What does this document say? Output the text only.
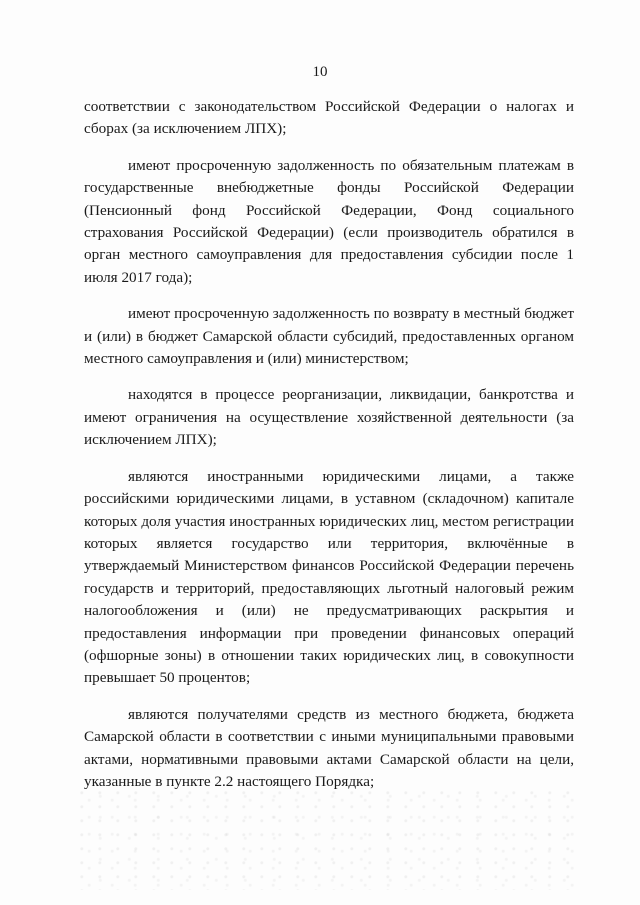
10

соответствии с законодательством Российской Федерации о налогах и сборах (за исключением ЛПХ);

имеют просроченную задолженность по обязательным платежам в государственные внебюджетные фонды Российской Федерации (Пенсионный фонд Российской Федерации, Фонд социального страхования Российской Федерации) (если производитель обратился в орган местного самоуправления для предоставления субсидии после 1 июля 2017 года);

имеют просроченную задолженность по возврату в местный бюджет и (или) в бюджет Самарской области субсидий, предоставленных органом местного самоуправления и (или) министерством;

находятся в процессе реорганизации, ликвидации, банкротства и имеют ограничения на осуществление хозяйственной деятельности (за исключением ЛПХ);

являются иностранными юридическими лицами, а также российскими юридическими лицами, в уставном (складочном) капитале которых доля участия иностранных юридических лиц, местом регистрации которых является государство или территория, включённые в утверждаемый Министерством финансов Российской Федерации перечень государств и территорий, предоставляющих льготный налоговый режим налогообложения и (или) не предусматривающих раскрытия и предоставления информации при проведении финансовых операций (офшорные зоны) в отношении таких юридических лиц, в совокупности превышает 50 процентов;

являются получателями средств из местного бюджета, бюджета Самарской области в соответствии с иными муниципальными правовыми актами, нормативными правовыми актами Самарской области на цели, указанные в пункте 2.2 настоящего Порядка;
